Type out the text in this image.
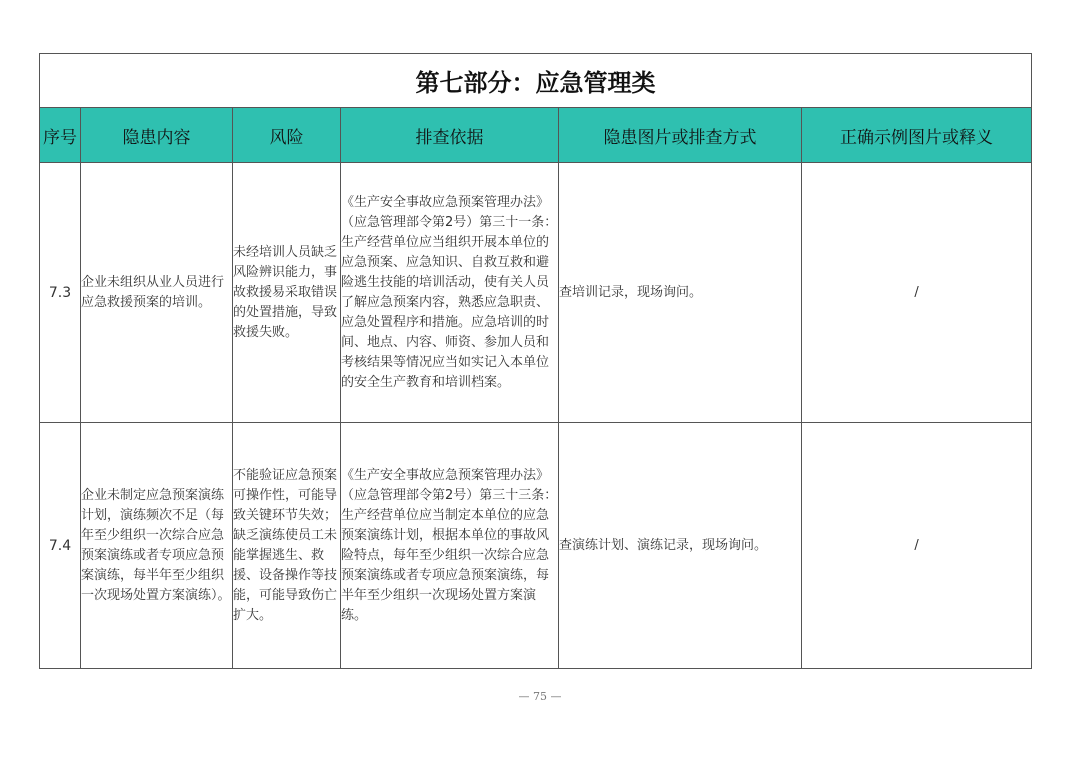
第七部分：应急管理类					
序号	隐患内容	风险	排查依据	隐患图片或排查方式	正确示例图片或释义
7.3	企业未组织从业人员进行应急救援预案的培训。	未经培训人员缺乏风险辨识能力，事故救援易采取错误的处置措施，导致救援失败。	《生产安全事故应急预案管理办法》（应急管理部令第2号）第三十一条：生产经营单位应当组织开展本单位的应急预案、应急知识、自救互救和避险逃生技能的培训活动，使有关人员了解应急预案内容，熟悉应急职责、应急处置程序和措施。应急培训的时间、地点、内容、师资、参加人员和考核结果等情况应当如实记入本单位的安全生产教育和培训档案。	查培训记录，现场询问。	/
7.4	企业未制定应急预案演练计划，演练频次不足（每年至少组织一次综合应急预案演练或者专项应急预案演练，每半年至少组织一次现场处置方案演练）。	不能验证应急预案可操作性，可能导致关键环节失效；缺乏演练使员工未能掌握逃生、救援、设备操作等技能，可能导致伤亡扩大。	《生产安全事故应急预案管理办法》（应急管理部令第2号）第三十三条：生产经营单位应当制定本单位的应急预案演练计划，根据本单位的事故风险特点，每年至少组织一次综合应急预案演练或者专项应急预案演练，每半年至少组织一次现场处置方案演练。	查演练计划、演练记录，现场询问。	/
— 75 —
